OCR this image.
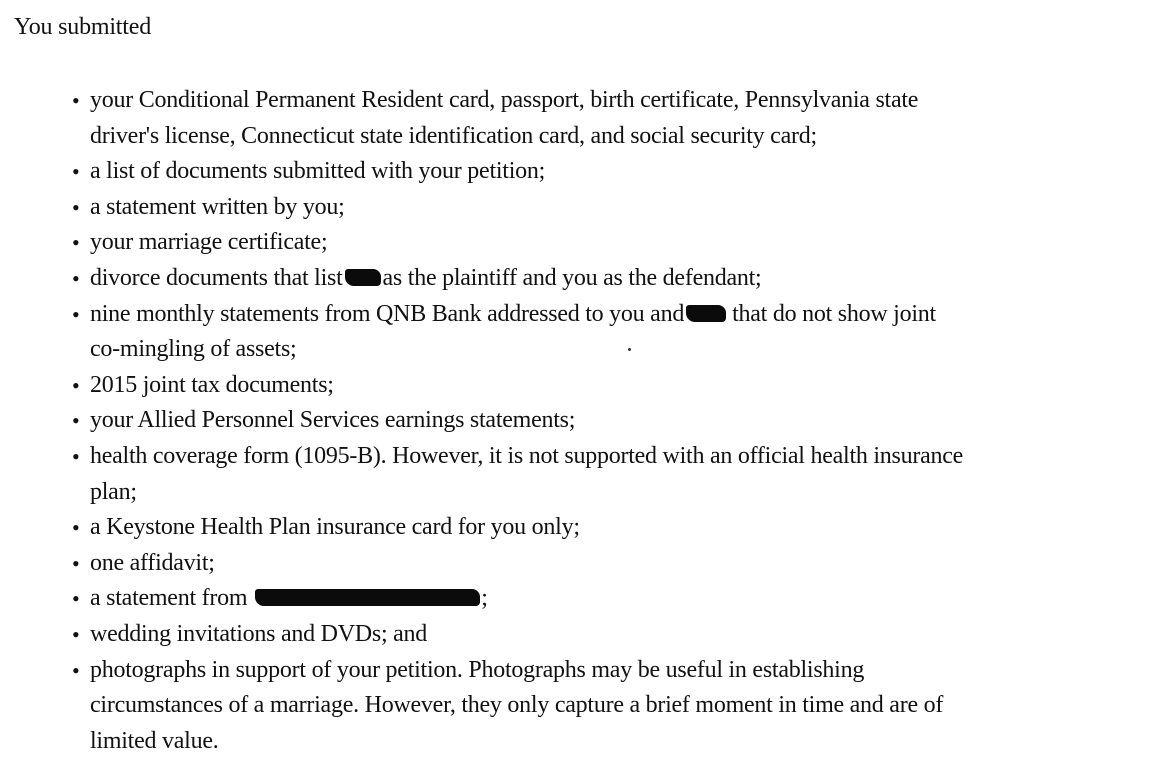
You submitted
• your Conditional Permanent Resident card, passport, birth certificate, Pennsylvania state
driver's license, Connecticut state identification card, and social security card;
• a list of documents submitted with your petition;
• a statement written by you;
• your marriage certificate;
• divorce documents that list as the plaintiff and you as the defendant;
• nine monthly statements from QNB Bank addressed to you and that do not show joint
co-mingling of assets;
• 2015 joint tax documents;
• your Allied Personnel Services earnings statements;
• health coverage form (1095-B). However, it is not supported with an official health insurance
plan;
• a Keystone Health Plan insurance card for you only;
• one affidavit;
• a statement from	;
• wedding invitations and DVDs; and
• photographs in support of your petition. Photographs may be useful in establishing
circumstances of a marriage. However, they only capture a brief moment in time and are of
limited value.
